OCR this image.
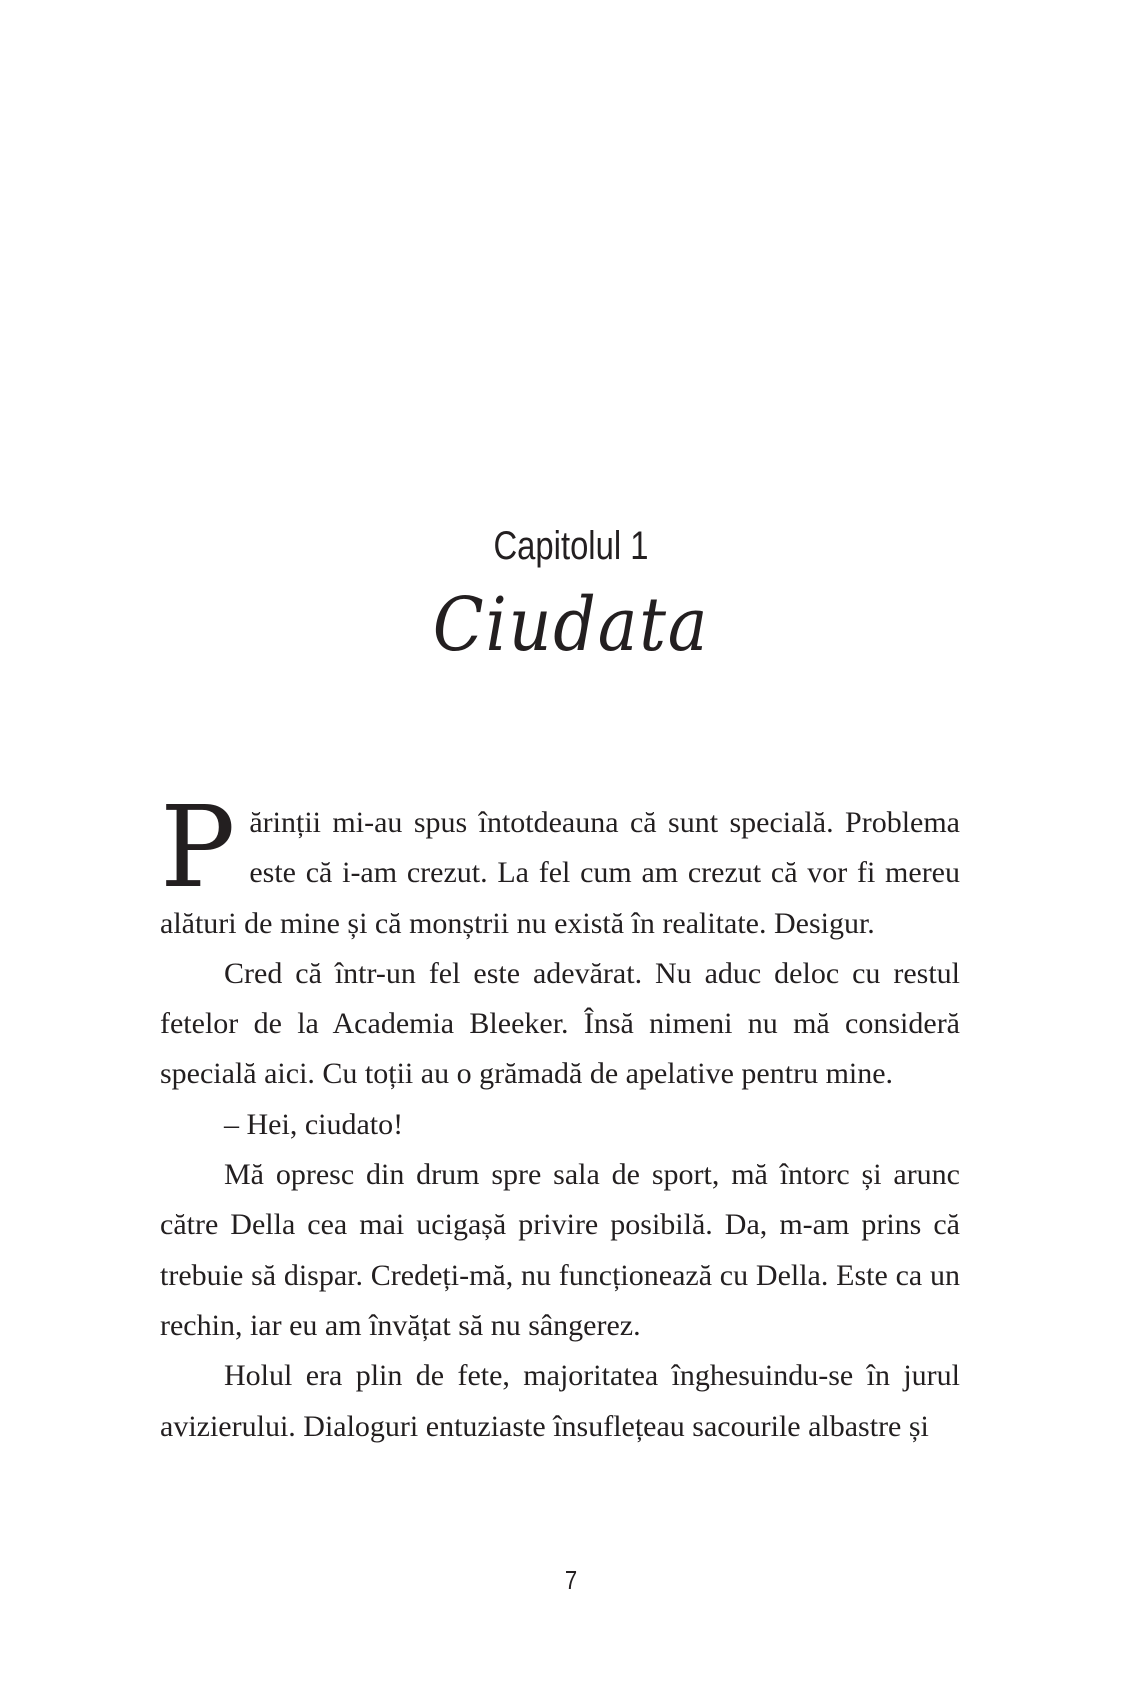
Capitolul 1
Ciudata

Părinții mi-au spus întotdeauna că sunt specială. Problema este că i-am crezut. La fel cum am crezut că vor fi mereu alături de mine și că monștrii nu există în realitate. Desigur.

Cred că într-un fel este adevărat. Nu aduc deloc cu restul fetelor de la Academia Bleeker. Însă nimeni nu mă consideră specială aici. Cu toții au o grămadă de apelative pentru mine.

– Hei, ciudato!

Mă opresc din drum spre sala de sport, mă întorc și arunc către Della cea mai ucigașă privire posibilă. Da, m-am prins că trebuie să dispar. Credeți-mă, nu funcționează cu Della. Este ca un rechin, iar eu am învățat să nu sângerez.

Holul era plin de fete, majoritatea înghesuindu-se în jurul avizierului. Dialoguri entuziaste însuflețeau sacourile albastre și

7
